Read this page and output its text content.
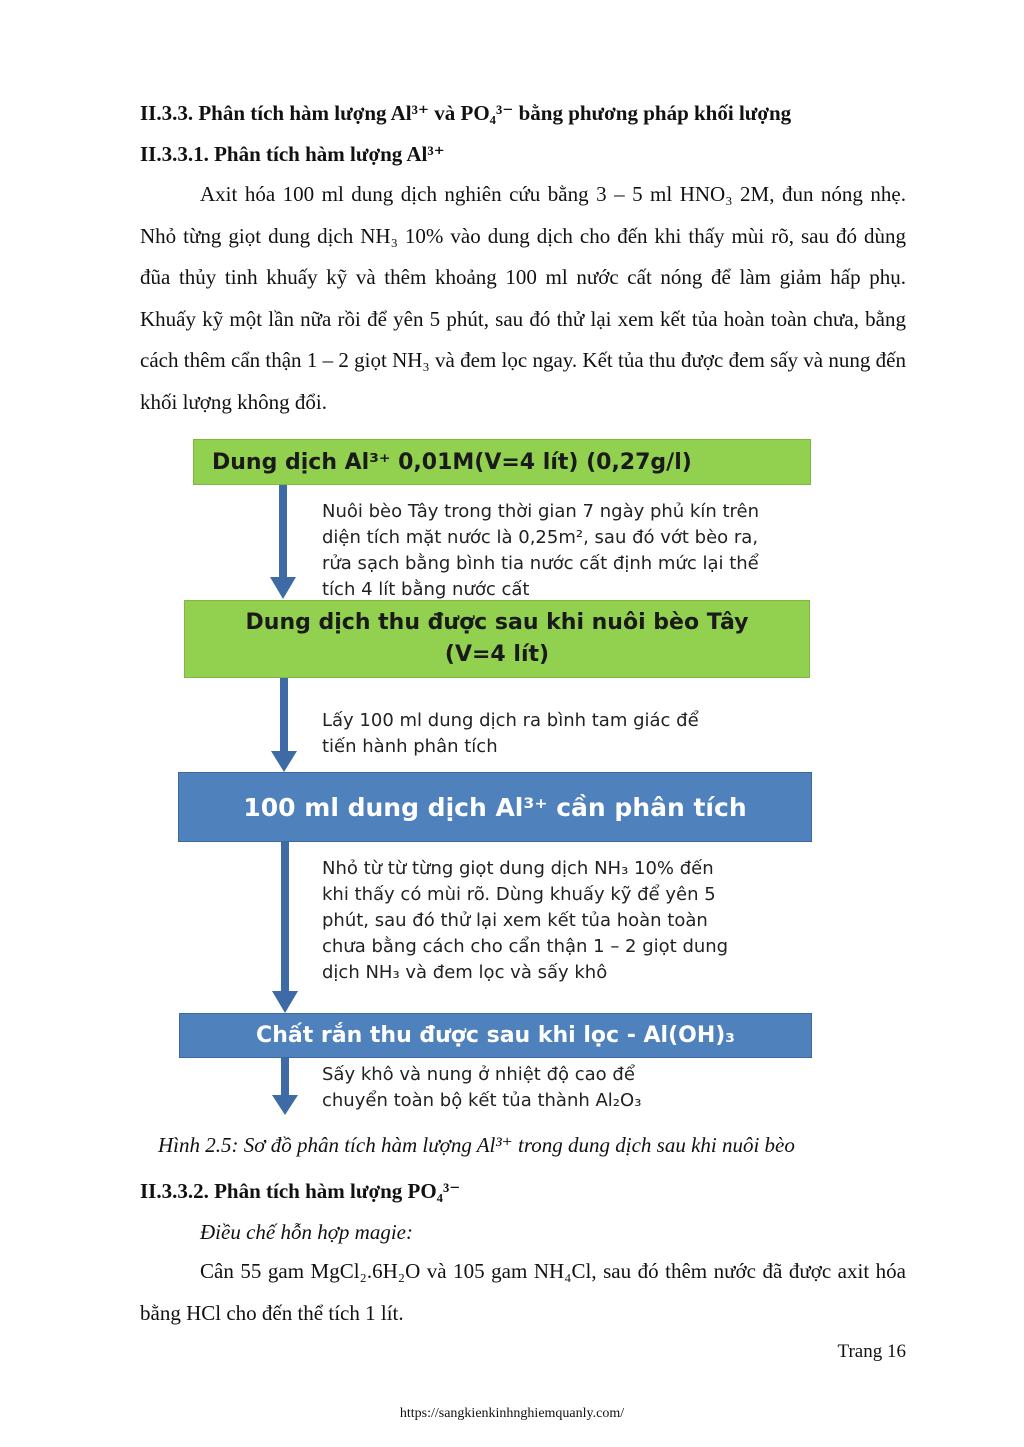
II.3.3. Phân tích hàm lượng Al³⁺ và PO₄³⁻ bằng phương pháp khối lượng
II.3.3.1. Phân tích hàm lượng Al³⁺
Axit hóa 100 ml dung dịch nghiên cứu bằng 3 – 5 ml HNO₃ 2M, đun nóng nhẹ. Nhỏ từng giọt dung dịch NH₃ 10% vào dung dịch cho đến khi thấy mùi rõ, sau đó dùng đũa thủy tinh khuấy kỹ và thêm khoảng 100 ml nước cất nóng để làm giảm hấp phụ. Khuấy kỹ một lần nữa rồi để yên 5 phút, sau đó thử lại xem kết tủa hoàn toàn chưa, bằng cách thêm cẩn thận 1 – 2 giọt NH₃ và đem lọc ngay. Kết tủa thu được đem sấy và nung đến khối lượng không đổi.
Dung dịch Al³⁺ 0,01M(V=4 lít) (0,27g/l)
Nuôi bèo Tây trong thời gian 7 ngày phủ kín trên
diện tích mặt nước là 0,25m², sau đó vớt bèo ra,
rửa sạch bằng bình tia nước cất định mức lại thể
tích 4 lít bằng nước cất
Dung dịch thu được sau khi nuôi bèo Tây
(V=4 lít)
Lấy 100 ml dung dịch ra bình tam giác để
tiến hành phân tích
100 ml dung dịch Al³⁺ cần phân tích
Nhỏ từ từ từng giọt dung dịch NH₃ 10% đến
khi thấy có mùi rõ. Dùng khuấy kỹ để yên 5
phút, sau đó thử lại xem kết tủa hoàn toàn
chưa bằng cách cho cẩn thận 1 – 2 giọt dung
dịch NH₃ và đem lọc và sấy khô
Chất rắn thu được sau khi lọc - Al(OH)₃
Sấy khô và nung ở nhiệt độ cao để
chuyển toàn bộ kết tủa thành Al₂O₃
Hình 2.5: Sơ đồ phân tích hàm lượng Al³⁺ trong dung dịch sau khi nuôi bèo
II.3.3.2. Phân tích hàm lượng PO₄³⁻
Điều chế hỗn hợp magie:
Cân 55 gam MgCl₂.6H₂O và 105 gam NH₄Cl, sau đó thêm nước đã được axit hóa bằng HCl cho đến thể tích 1 lít.
Trang 16
https://sangkienkinhnghiemquanly.com/
